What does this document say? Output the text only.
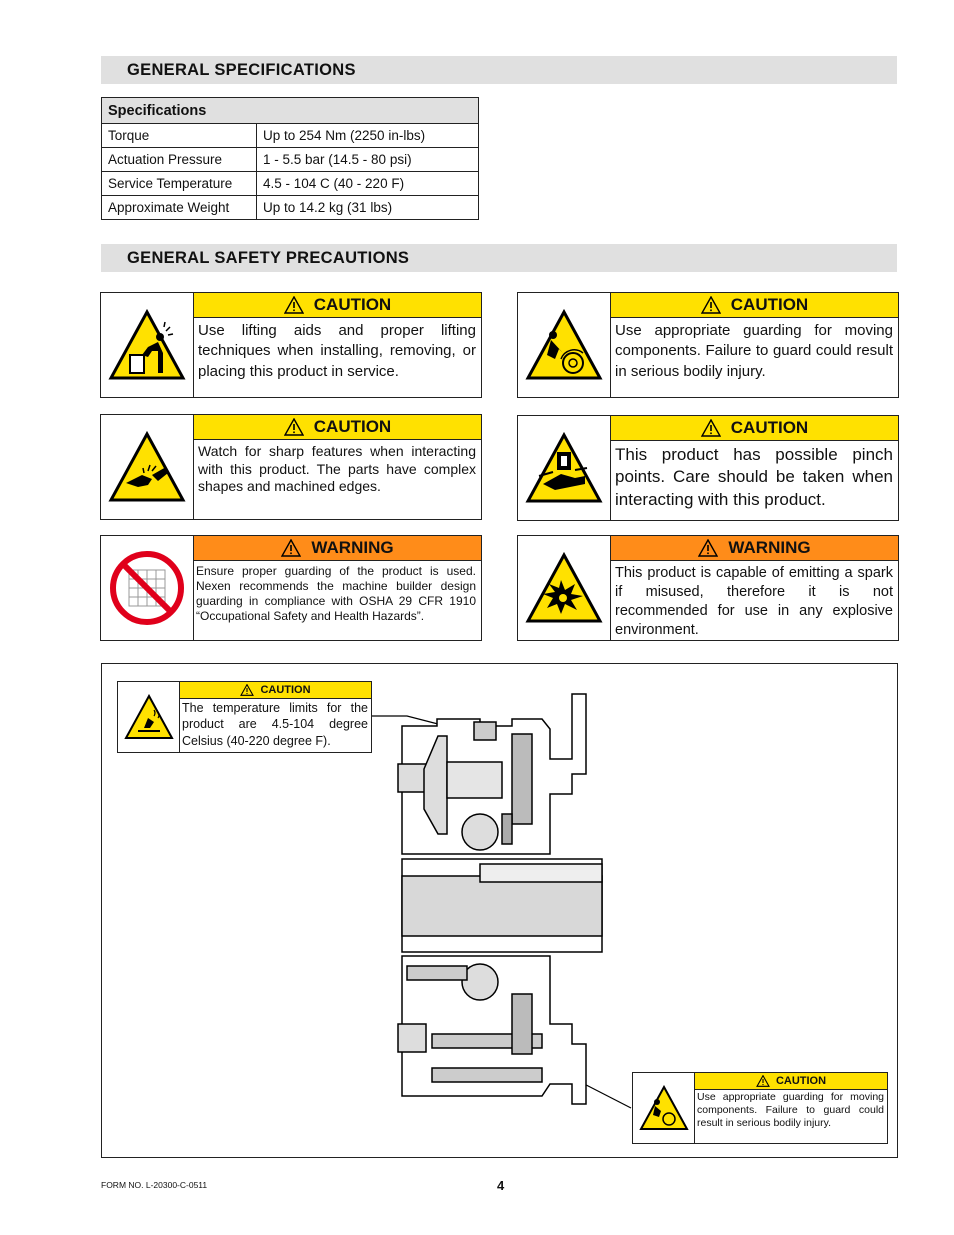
GENERAL SPECIFICATIONS
Specifications	
Torque	Up to 254 Nm (2250 in-lbs)
Actuation Pressure	1 - 5.5 bar (14.5 - 80 psi)
Service Temperature	4.5 - 104 C (40 - 220 F)
Approximate Weight	Up to 14.2 kg (31 lbs)
GENERAL SAFETY PRECAUTIONS
CAUTION
Use lifting aids and proper lifting techniques when installing, removing, or placing this product in service.
CAUTION
Use appropriate guarding for moving components. Failure to guard could result in serious bodily injury.
CAUTION
Watch for sharp features when interacting with this product. The parts have complex shapes and machined edges.
CAUTION
This product has possible pinch points. Care should be taken when interacting with this product.
WARNING
Ensure proper guarding of the product is used. Nexen recommends the machine builder design guarding in compliance with OSHA 29 CFR 1910 “Occupational Safety and Health Hazards”.
WARNING
This product is capable of emitting a spark if misused, therefore it is not recommended for use in any explosive environment.
CAUTION
The temperature limits for the product are 4.5-104 degree Celsius (40-220 degree F).
CAUTION
Use appropriate guarding for moving components. Failure to guard could result in serious bodily injury.
FORM NO. L-20300-C-0511	4
